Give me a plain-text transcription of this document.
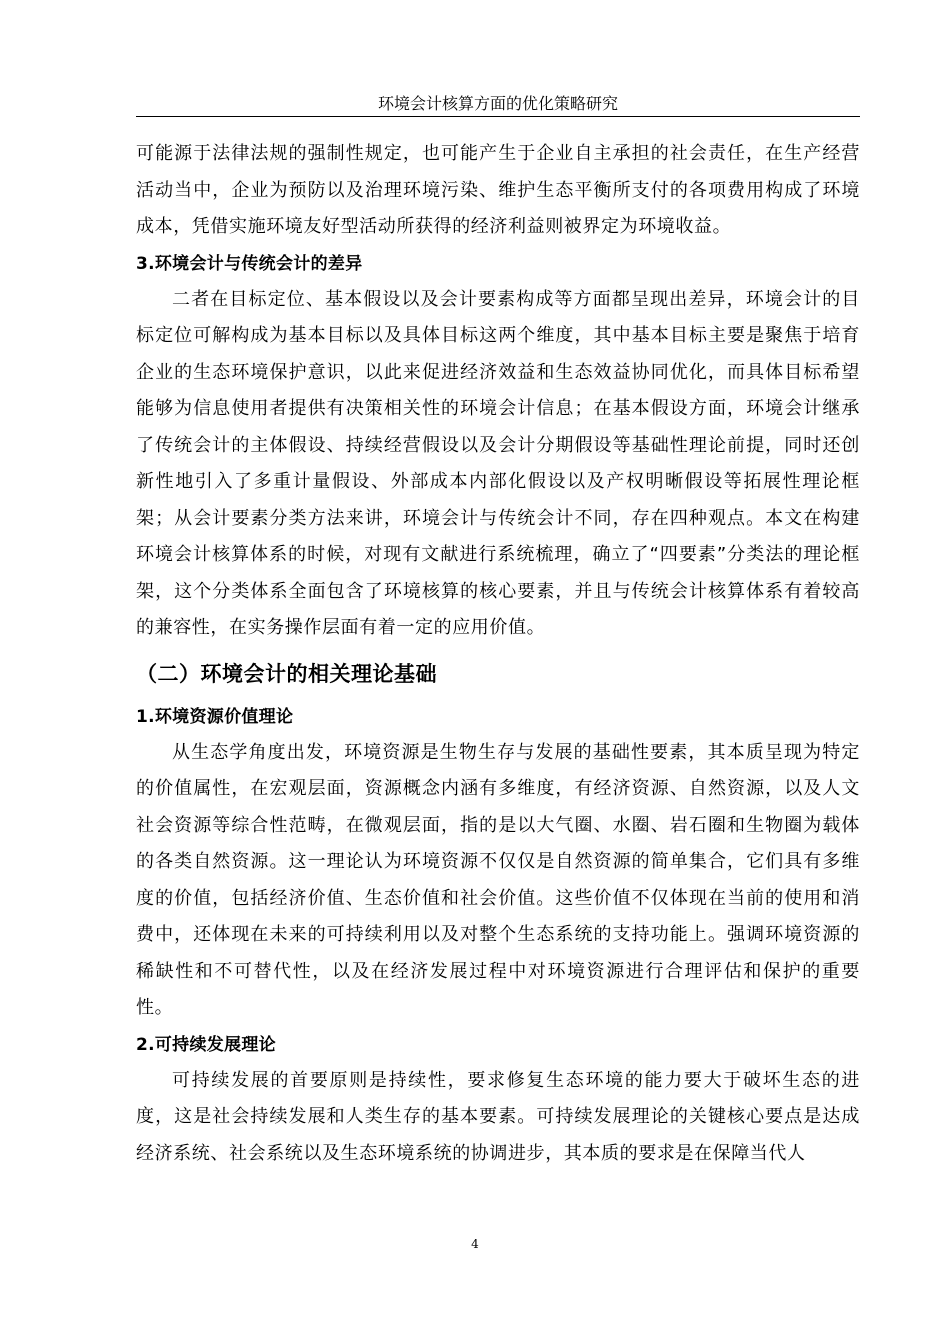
环境会计核算方面的优化策略研究

可能源于法律法规的强制性规定，也可能产生于企业自主承担的社会责任，在生产经营活动当中，企业为预防以及治理环境污染、维护生态平衡所支付的各项费用构成了环境成本，凭借实施环境友好型活动所获得的经济利益则被界定为环境收益。

3.环境会计与传统会计的差异

二者在目标定位、基本假设以及会计要素构成等方面都呈现出差异，环境会计的目标定位可解构成为基本目标以及具体目标这两个维度，其中基本目标主要是聚焦于培育企业的生态环境保护意识，以此来促进经济效益和生态效益协同优化，而具体目标希望能够为信息使用者提供有决策相关性的环境会计信息；在基本假设方面，环境会计继承了传统会计的主体假设、持续经营假设以及会计分期假设等基础性理论前提，同时还创新性地引入了多重计量假设、外部成本内部化假设以及产权明晰假设等拓展性理论框架；从会计要素分类方法来讲，环境会计与传统会计不同，存在四种观点。本文在构建环境会计核算体系的时候，对现有文献进行系统梳理，确立了“四要素”分类法的理论框架，这个分类体系全面包含了环境核算的核心要素，并且与传统会计核算体系有着较高的兼容性，在实务操作层面有着一定的应用价值。

（二）环境会计的相关理论基础

1.环境资源价值理论

从生态学角度出发，环境资源是生物生存与发展的基础性要素，其本质呈现为特定的价值属性，在宏观层面，资源概念内涵有多维度，有经济资源、自然资源，以及人文社会资源等综合性范畴，在微观层面，指的是以大气圈、水圈、岩石圈和生物圈为载体的各类自然资源。这一理论认为环境资源不仅仅是自然资源的简单集合，它们具有多维度的价值，包括经济价值、生态价值和社会价值。这些价值不仅体现在当前的使用和消费中，还体现在未来的可持续利用以及对整个生态系统的支持功能上。强调环境资源的稀缺性和不可替代性，以及在经济发展过程中对环境资源进行合理评估和保护的重要性。

2.可持续发展理论

可持续发展的首要原则是持续性，要求修复生态环境的能力要大于破坏生态的进度，这是社会持续发展和人类生存的基本要素。可持续发展理论的关键核心要点是达成经济系统、社会系统以及生态环境系统的协调进步，其本质的要求是在保障当代人

4
